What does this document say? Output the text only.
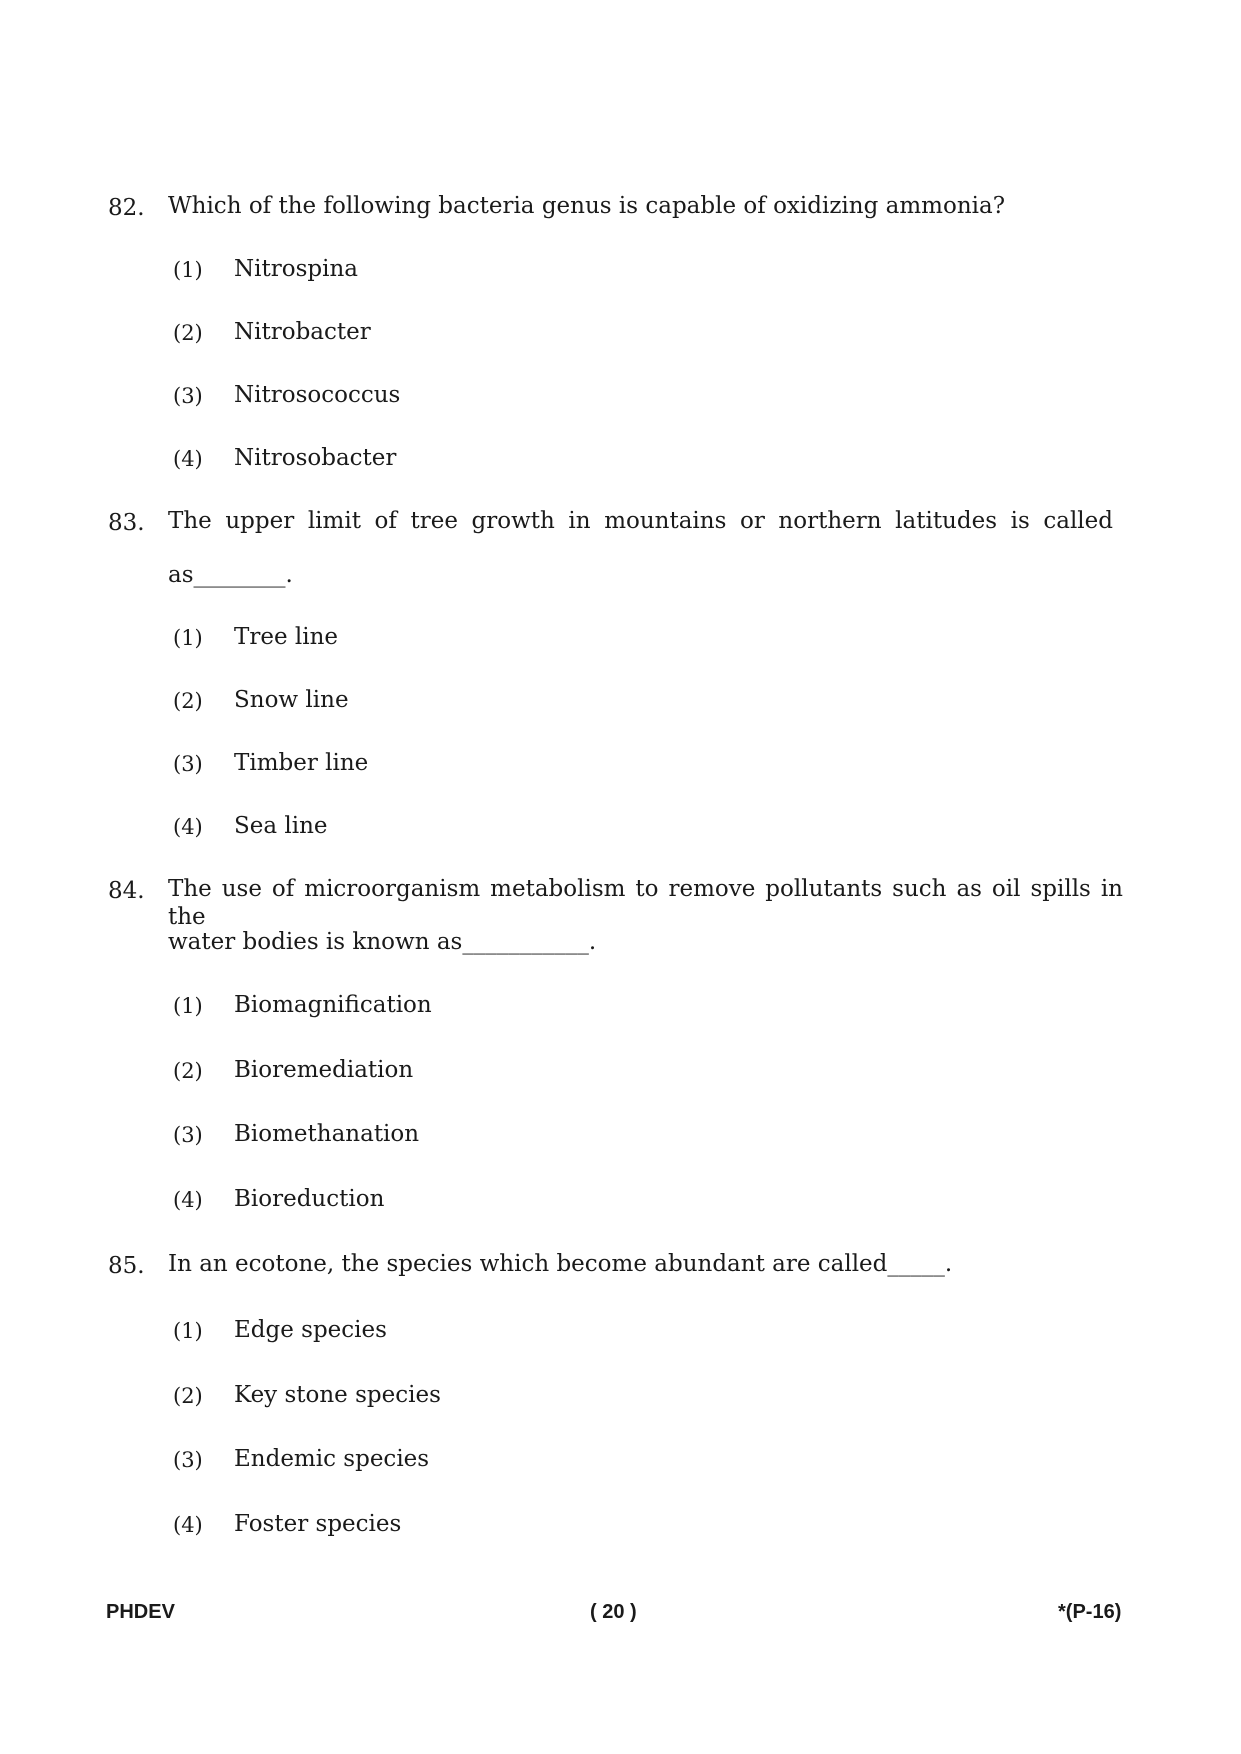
82. Which of the following bacteria genus is capable of oxidizing ammonia?
(1) Nitrospina
(2) Nitrobacter
(3) Nitrosococcus
(4) Nitrosobacter
83. The upper limit of tree growth in mountains or northern latitudes is called
as________.
(1) Tree line
(2) Snow line
(3) Timber line
(4) Sea line
84. The use of microorganism metabolism to remove pollutants such as oil spills in the
water bodies is known as___________.
(1) Biomagnification
(2) Bioremediation
(3) Biomethanation
(4) Bioreduction
85. In an ecotone, the species which become abundant are called_____.
(1) Edge species
(2) Key stone species
(3) Endemic species
(4) Foster species
PHDEV	( 20 )	*(P-16)
